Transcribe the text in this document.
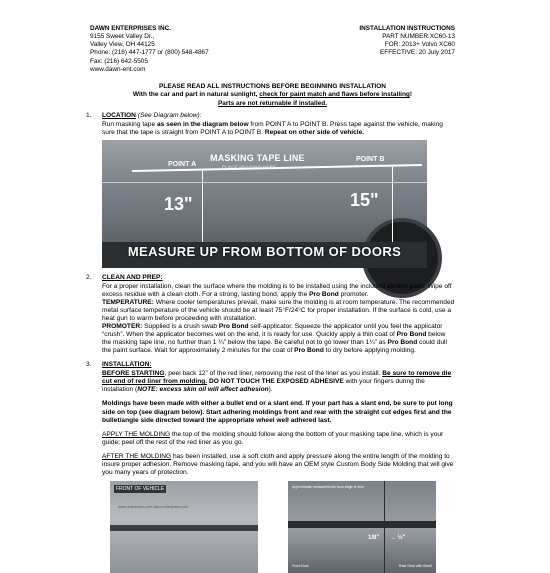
DAWN ENTERPRISES INC.
9155 Sweet Valley Dr.,
Valley View, OH 44125
Phone: (216) 447-1777 or (800) 548-4867
Fax: (216) 642-5505
www.dawn-ent.com
INSTALLATION INSTRUCTIONS
PART NUMBER:XC60-13
FOR: 2013+ Volvo XC60
EFFECTIVE: 20 July 2017
PLEASE READ ALL INSTRUCTIONS BEFORE BEGINNING INSTALLATION
With the car and part in natural sunlight, check for paint match and flaws before installing!
Parts are not returnable if installed.
1.	LOCATION (See Diagram below):
Run masking tape as seen in the diagram below from POINT A to POINT B. Press tape against the vehicle, making sure that the tape is straight from POINT A to POINT B. Repeat on other side of vehicle.
POINT A
POINT B
MASKING TAPE LINE
PLACE MOLDING HERE
13"	15"
MEASURE UP FROM BOTTOM OF DOORS
2.	CLEAN AND PREP:
For a proper installation, clean the surface where the molding is to be installed using the included alcohol pads. Wipe off excess residue with a clean cloth. For a strong, lasting bond, apply the Pro Bond promoter.
TEMPERATURE: Where cooler temperatures prevail, make sure the molding is at room temperature. The recommended metal surface temperature of the vehicle should be at least 75°F/24°C for proper installation. If the surface is cold, use a heat gun to warm before proceeding with installation.
PROMOTER: Supplied is a crush swab Pro Bond self-applicator. Squeeze the applicator until you feel the applicator “crush”. When the applicator becomes wet on the end, it is ready for use. Quickly apply a thin coat of Pro Bond below the masking tape line, no further than 1 ¼” below the tape. Be careful not to go lower than 1¼” as Pro Bond could dull the paint surface. Wait for approximately 2 minutes for the coat of Pro Bond to dry before applying molding.
3.	INSTALLATION:
BEFORE STARTING, peel back 12” of the red liner, removing the rest of the liner as you install. Be sure to remove die cut end of red liner from molding. DO NOT TOUCH THE EXPOSED ADHESIVE with your fingers during the installation (NOTE: excess skin oil will affect adhesion).
Moldings have been made with either a bullet end or a slant end. If your part has a slant end, be sure to put long side on top (see diagram below). Start adhering moldings front and rear with the straight cut edges first and the bullet/angle side directed toward the appropriate wheel well adhered last.
APPLY THE MOLDING the top of the molding should follow along the bottom of your masking tape line, which is your guide; peel off the rest of the red liner as you go.
AFTER THE MOLDING has been installed, use a soft cloth and apply pressure along the entire length of the molding to insure proper adhesion. Remove masking tape, and you will have an OEM style Custom Body Side Molding that will give you many years of protection.
FRONT OF VEHICLE
dawn-enterprises.com dawn-enterprises.com
Approximate measurements from edge of door
1/8" → ½"
Front Door	Rear Door with Bevel
